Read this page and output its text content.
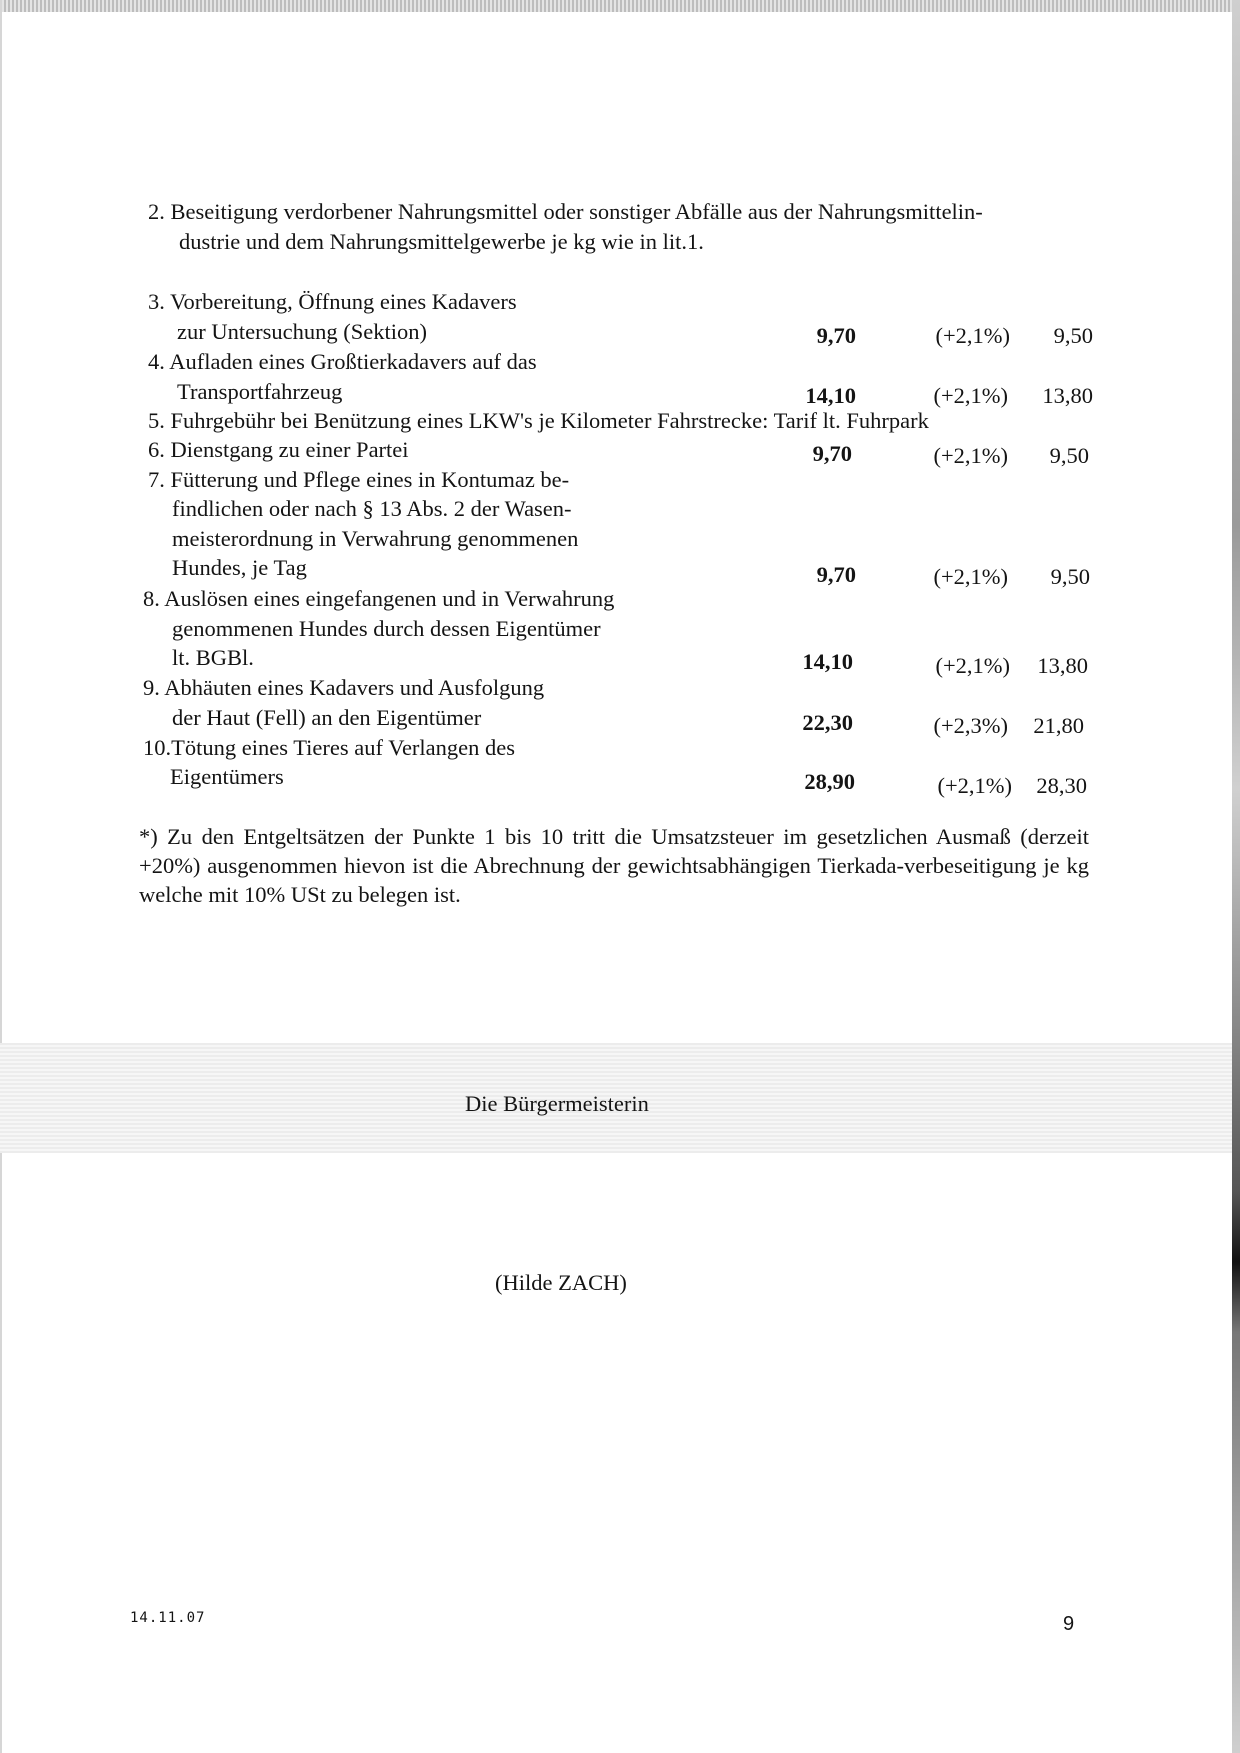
2. Beseitigung verdorbener Nahrungsmittel oder sonstiger Abfälle aus der Nahrungsmittelin-
dustrie und dem Nahrungsmittelgewerbe je kg wie in lit.1.
3. Vorbereitung, Öffnung eines Kadavers
zur Untersuchung (Sektion)	9,70	(+2,1%)	9,50
4. Aufladen eines Großtierkadavers auf das
Transportfahrzeug	14,10	(+2,1%)	13,80
5. Fuhrgebühr bei Benützung eines LKW's je Kilometer Fahrstrecke: Tarif lt. Fuhrpark
6. Dienstgang zu einer Partei	9,70	(+2,1%)	9,50
7. Fütterung und Pflege eines in Kontumaz be-
findlichen oder nach § 13 Abs. 2 der Wasen-
meisterordnung in Verwahrung genommenen
Hundes, je Tag	9,70	(+2,1%)	9,50
8. Auslösen eines eingefangenen und in Verwahrung
genommenen Hundes durch dessen Eigentümer
lt. BGBl.	14,10	(+2,1%)	13,80
9. Abhäuten eines Kadavers und Ausfolgung
der Haut (Fell) an den Eigentümer	22,30	(+2,3%)	21,80
10.Tötung eines Tieres auf Verlangen des
Eigentümers	28,90	(+2,1%)	28,30
*) Zu den Entgeltsätzen der Punkte 1 bis 10 tritt die Umsatzsteuer im gesetzlichen Ausmaß (derzeit +20%) ausgenommen hievon ist die Abrechnung der gewichtsabhängigen Tierkada-verbeseitigung je kg welche mit 10% USt zu belegen ist.
Die Bürgermeisterin
(Hilde ZACH)
14.11.07	9
